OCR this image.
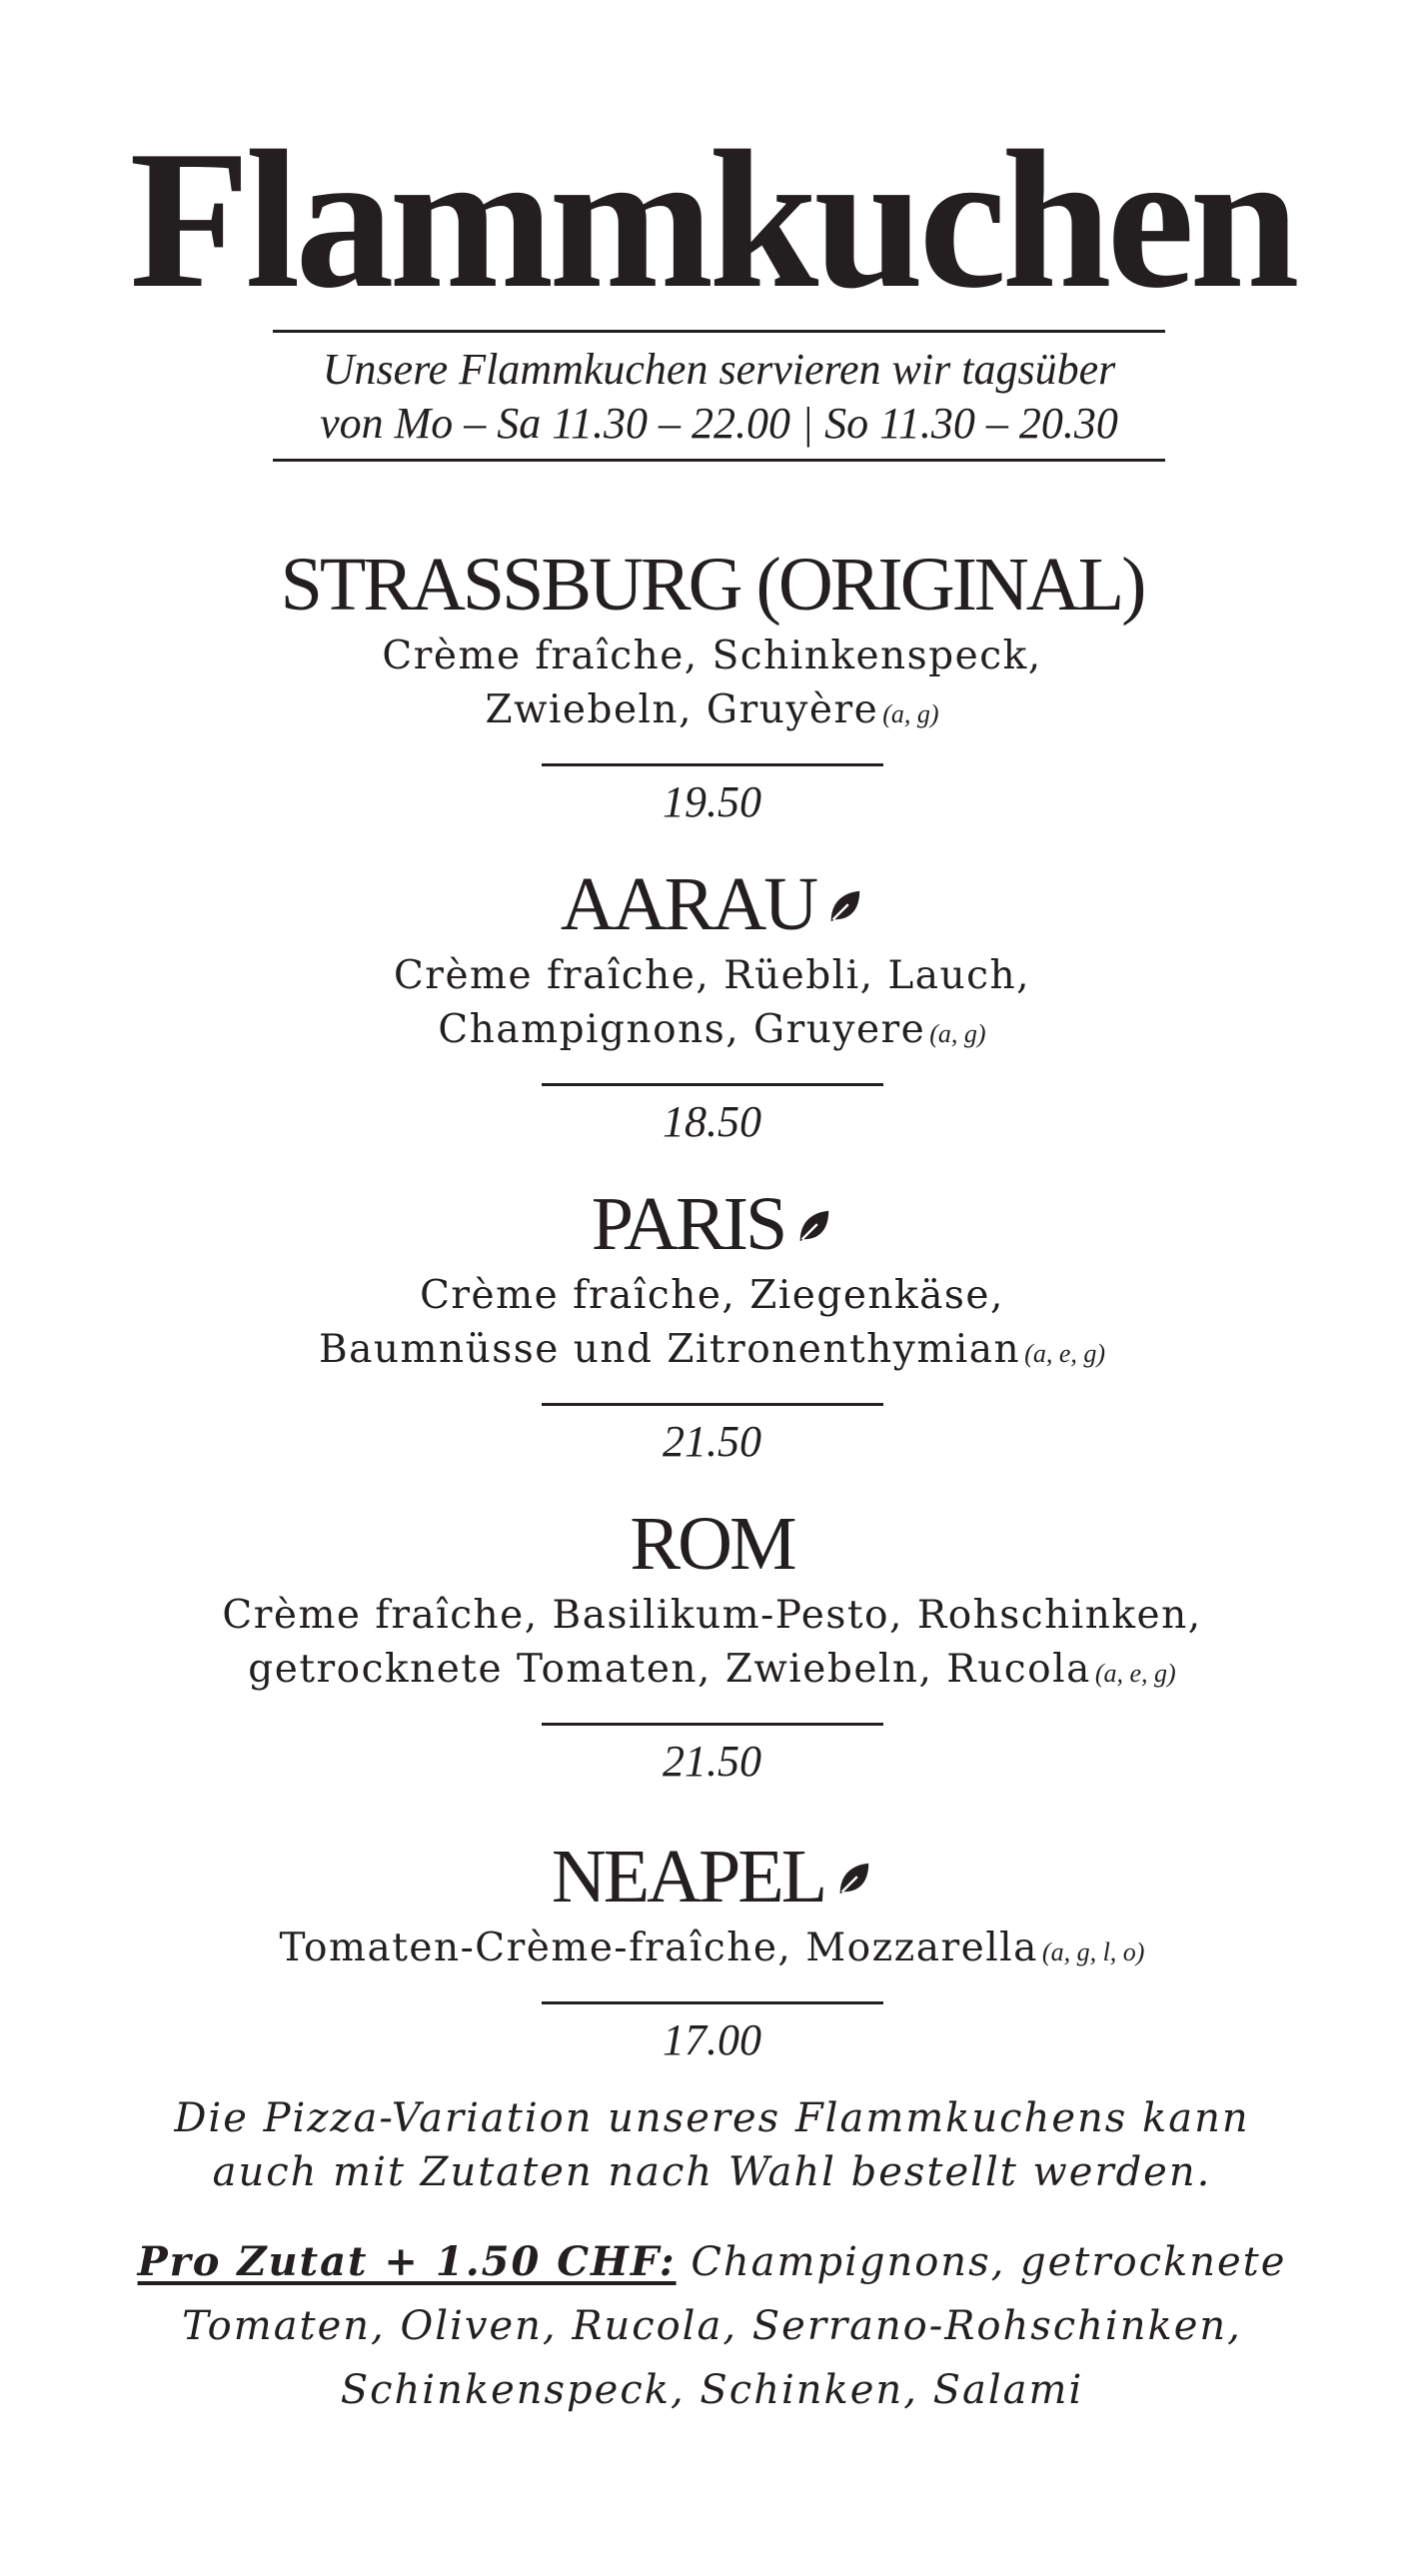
Flammkuchen
Unsere Flammkuchen servieren wir tagsüber
von Mo – Sa 11.30 – 22.00 | So 11.30 – 20.30
STRASSBURG (ORIGINAL)
Crème fraîche, Schinkenspeck,
Zwiebeln, Gruyère (a, g)
19.50
AARAU
Crème fraîche, Rüebli, Lauch,
Champignons, Gruyere (a, g)
18.50
PARIS
Crème fraîche, Ziegenkäse,
Baumnüsse und Zitronenthymian (a, e, g)
21.50
ROM
Crème fraîche, Basilikum-Pesto, Rohschinken,
getrocknete Tomaten, Zwiebeln, Rucola (a, e, g)
21.50
NEAPEL
Tomaten-Crème-fraîche, Mozzarella (a, g, l, o)
17.00
Die Pizza-Variation unseres Flammkuchens kann
auch mit Zutaten nach Wahl bestellt werden.
Pro Zutat + 1.50 CHF: Champignons, getrocknete
Tomaten, Oliven, Rucola, Serrano-Rohschinken,
Schinkenspeck, Schinken, Salami
